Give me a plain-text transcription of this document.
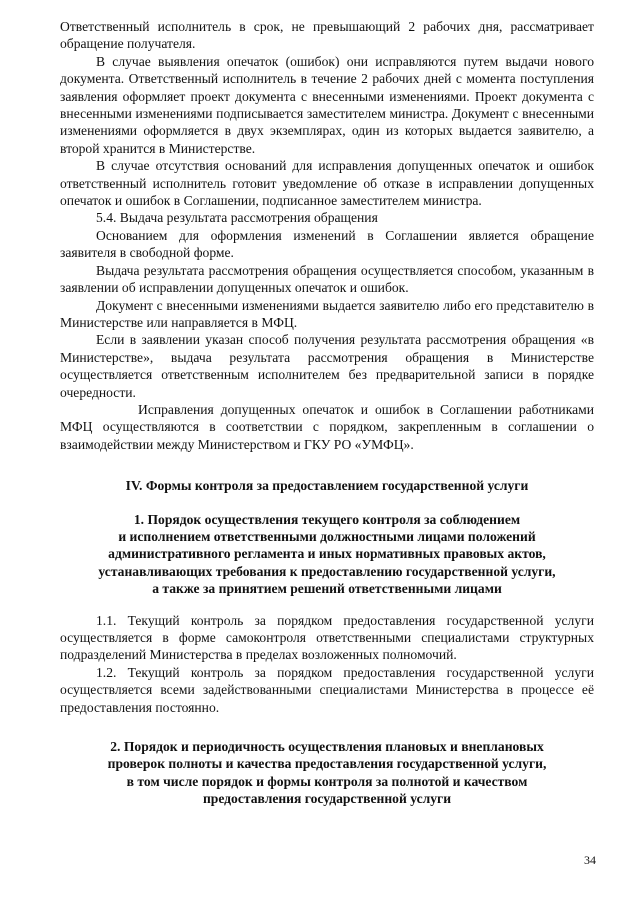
Ответственный исполнитель в срок, не превышающий 2 рабочих дня, рассматривает обращение получателя.

В случае выявления опечаток (ошибок) они исправляются путем выдачи нового документа. Ответственный исполнитель в течение 2 рабочих дней с момента поступления заявления оформляет проект документа с внесенными изменениями. Проект документа с внесенными изменениями подписывается заместителем министра. Документ с внесенными изменениями оформляется в двух экземплярах, один из которых выдается заявителю, а второй хранится в Министерстве.

В случае отсутствия оснований для исправления допущенных опечаток и ошибок ответственный исполнитель готовит уведомление об отказе в исправлении допущенных опечаток и ошибок в Соглашении, подписанное заместителем министра.

5.4. Выдача результата рассмотрения обращения

Основанием для оформления изменений в Соглашении является обращение заявителя в свободной форме.

Выдача результата рассмотрения обращения осуществляется способом, указанным в заявлении об исправлении допущенных опечаток и ошибок.

Документ с внесенными изменениями выдается заявителю либо его представителю в Министерстве или направляется в МФЦ.

Если в заявлении указан способ получения результата рассмотрения обращения «в Министерстве», выдача результата рассмотрения обращения в Министерстве осуществляется ответственным исполнителем без предварительной записи в порядке очередности.

Исправления допущенных опечаток и ошибок в Соглашении работниками МФЦ осуществляются в соответствии с порядком, закрепленным в соглашении о взаимодействии между Министерством и ГКУ РО «УМФЦ».

IV. Формы контроля за предоставлением государственной услуги
1. Порядок осуществления текущего контроля за соблюдением
и исполнением ответственными должностными лицами положений
административного регламента и иных нормативных правовых актов,
устанавливающих требования к предоставлению государственной услуги,
а также за принятием решений ответственными лицами

1.1. Текущий контроль за порядком предоставления государственной услуги осуществляется в форме самоконтроля ответственными специалистами структурных подразделений Министерства в пределах возложенных полномочий.

1.2. Текущий контроль за порядком предоставления государственной услуги осуществляется всеми задействованными специалистами Министерства в процессе её предоставления постоянно.

2. Порядок и периодичность осуществления плановых и внеплановых
проверок полноты и качества предоставления государственной услуги,
в том числе порядок и формы контроля за полнотой и качеством
предоставления государственной услуги
34
